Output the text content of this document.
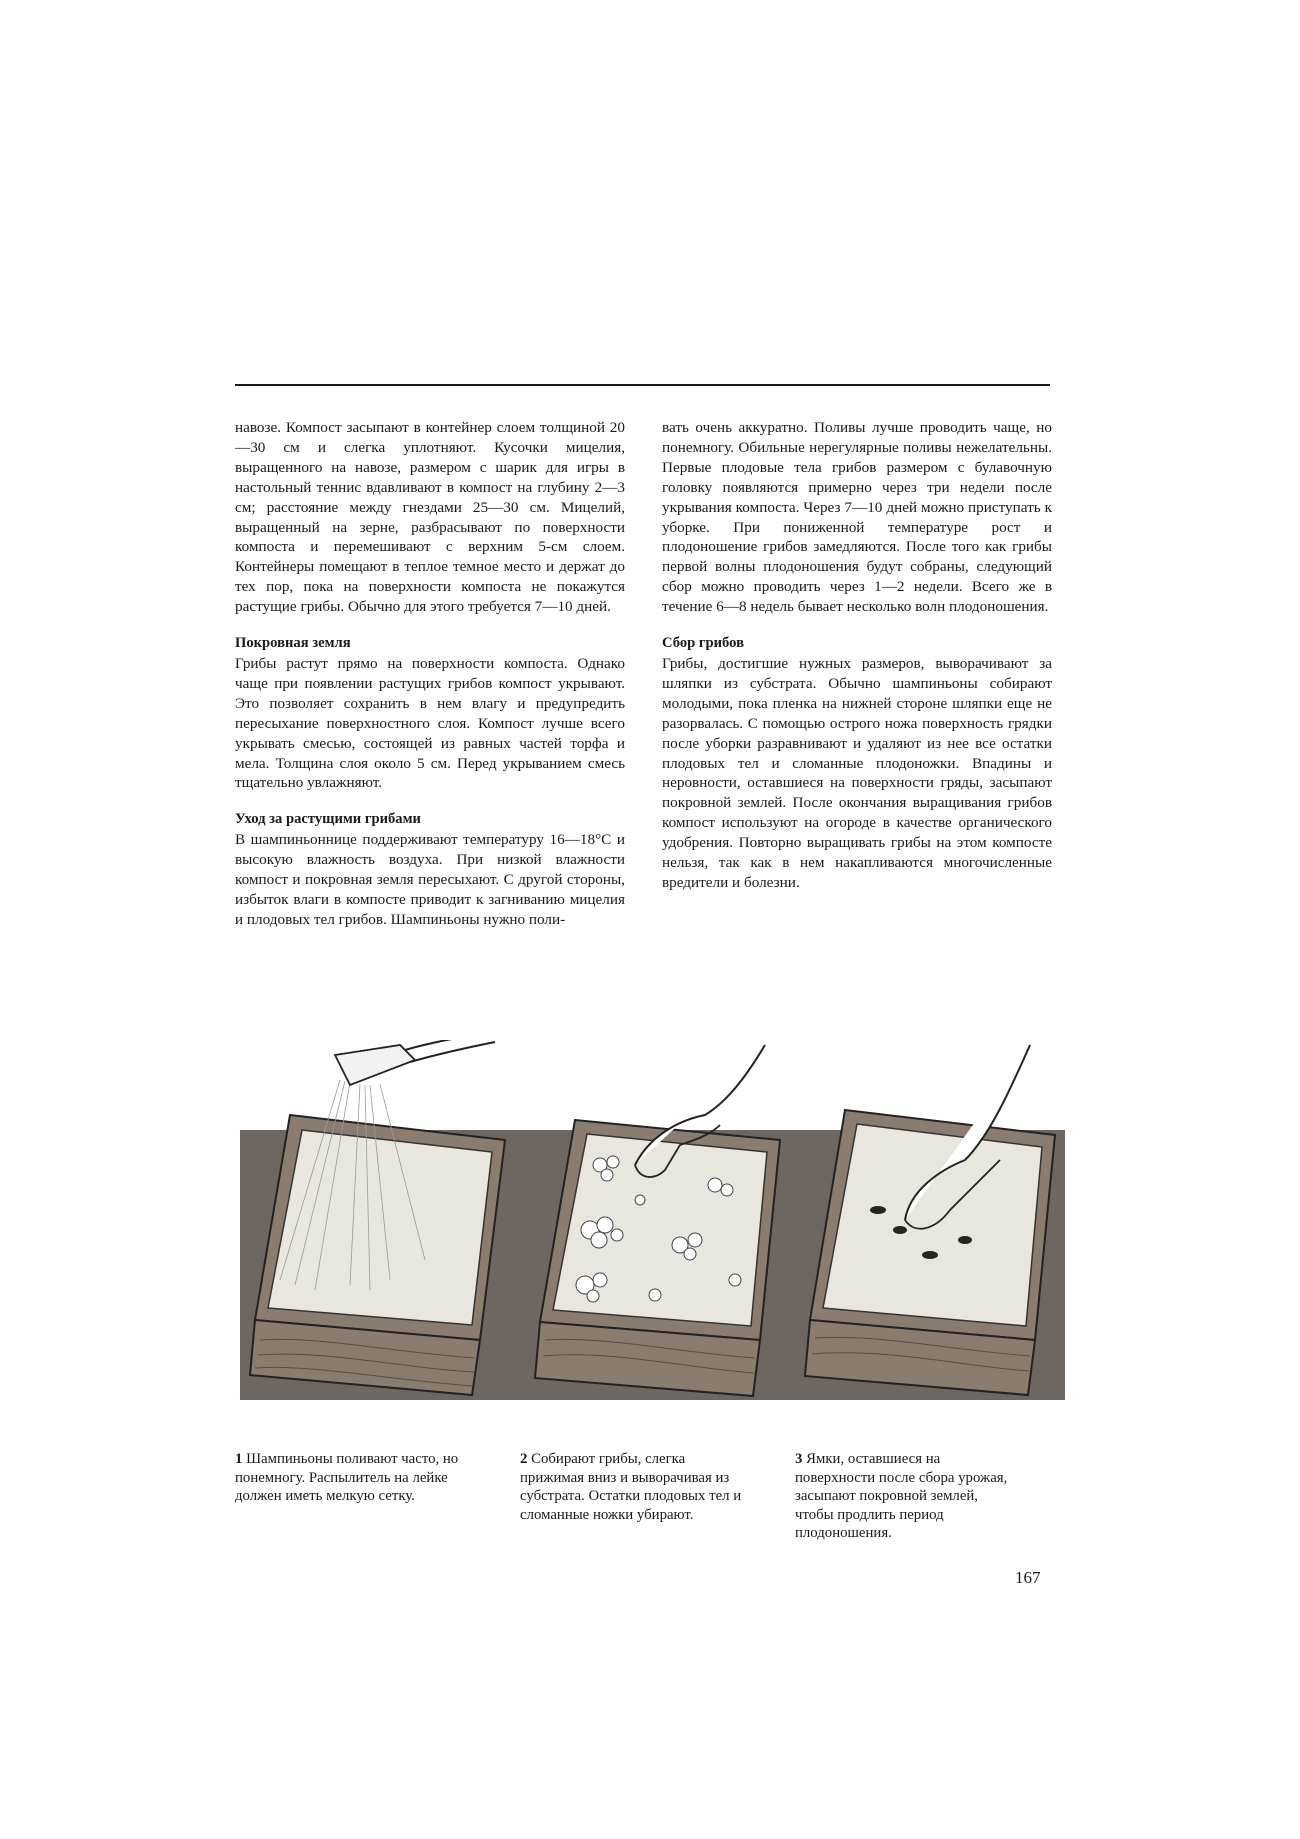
навозе. Компост засыпают в контейнер слоем толщиной 20—30 см и слегка уплотняют. Кусочки мицелия, выращенного на навозе, размером с шарик для игры в настольный теннис вдавливают в компост на глубину 2—3 см; расстояние между гнездами 25—30 см. Мицелий, выращенный на зерне, разбрасывают по поверхности компоста и перемешивают с верхним 5-см слоем. Контейнеры помещают в теплое темное место и держат до тех пор, пока на поверхности компоста не покажутся растущие грибы. Обычно для этого требуется 7—10 дней.

Покровная земля

Грибы растут прямо на поверхности компоста. Однако чаще при появлении растущих грибов компост укрывают. Это позволяет сохранить в нем влагу и предупредить пересыхание поверхностного слоя. Компост лучше всего укрывать смесью, состоящей из равных частей торфа и мела. Толщина слоя около 5 см. Перед укрыванием смесь тщательно увлажняют.

Уход за растущими грибами

В шампиньоннице поддерживают температуру 16—18°С и высокую влажность воздуха. При низкой влажности компост и покровная земля пересыхают. С другой стороны, избыток влаги в компосте приводит к загниванию мицелия и плодовых тел грибов. Шампиньоны нужно поли-

вать очень аккуратно. Поливы лучше проводить чаще, но понемногу. Обильные нерегулярные поливы нежелательны. Первые плодовые тела грибов размером с булавочную головку появляются примерно через три недели после укрывания компоста. Через 7—10 дней можно приступать к уборке. При пониженной температуре рост и плодоношение грибов замедляются. После того как грибы первой волны плодоношения будут собраны, следующий сбор можно проводить через 1—2 недели. Всего же в течение 6—8 недель бывает несколько волн плодоношения.

Сбор грибов

Грибы, достигшие нужных размеров, выворачивают за шляпки из субстрата. Обычно шампиньоны собирают молодыми, пока пленка на нижней стороне шляпки еще не разорвалась. С помощью острого ножа поверхность грядки после уборки разравнивают и удаляют из нее все остатки плодовых тел и сломанные плодоножки. Впадины и неровности, оставшиеся на поверхности гряды, засыпают покровной землей. После окончания выращивания грибов компост используют на огороде в качестве органического удобрения. Повторно выращивать грибы на этом компосте нельзя, так как в нем накапливаются многочисленные вредители и болезни.

1 Шампиньоны поливают часто, но понемногу. Распылитель на лейке должен иметь мелкую сетку.

2 Собирают грибы, слегка прижимая вниз и выворачивая из субстрата. Остатки плодовых тел и сломанные ножки убирают.

3 Ямки, оставшиеся на поверхности после сбора урожая, засыпают покровной землей, чтобы продлить период плодоношения.

167
